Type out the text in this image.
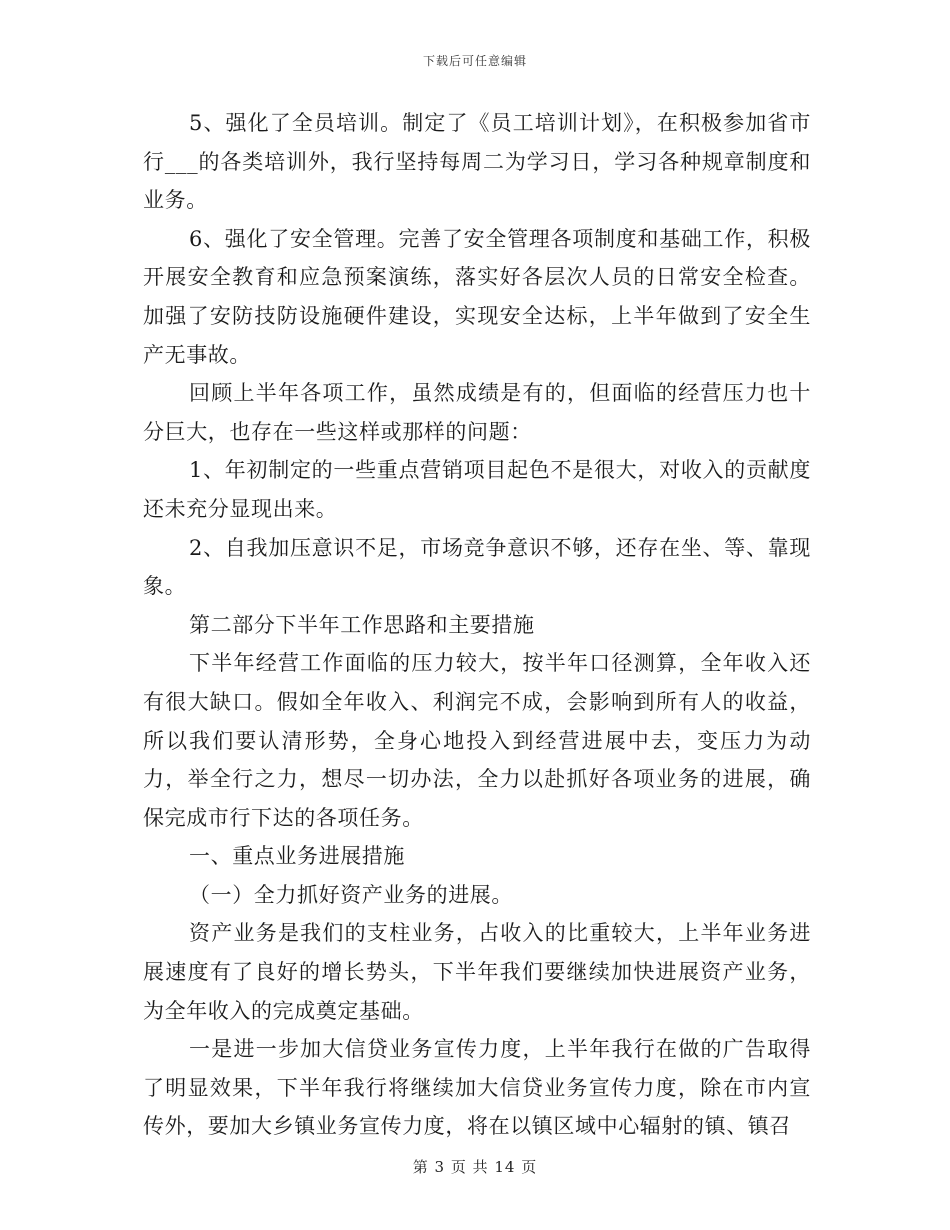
下载后可任意编辑

5、强化了全员培训。制定了《员工培训计划》，在积极参加省市行___的各类培训外，我行坚持每周二为学习日，学习各种规章制度和业务。

6、强化了安全管理。完善了安全管理各项制度和基础工作，积极开展安全教育和应急预案演练，落实好各层次人员的日常安全检查。加强了安防技防设施硬件建设，实现安全达标，上半年做到了安全生产无事故。

回顾上半年各项工作，虽然成绩是有的，但面临的经营压力也十分巨大，也存在一些这样或那样的问题：

1、年初制定的一些重点营销项目起色不是很大，对收入的贡献度还未充分显现出来。

2、自我加压意识不足，市场竞争意识不够，还存在坐、等、靠现象。

第二部分下半年工作思路和主要措施

下半年经营工作面临的压力较大，按半年口径测算，全年收入还有很大缺口。假如全年收入、利润完不成，会影响到所有人的收益，所以我们要认清形势，全身心地投入到经营进展中去，变压力为动力，举全行之力，想尽一切办法，全力以赴抓好各项业务的进展，确保完成市行下达的各项任务。

一、重点业务进展措施

（一）全力抓好资产业务的进展。

资产业务是我们的支柱业务，占收入的比重较大，上半年业务进展速度有了良好的增长势头，下半年我们要继续加快进展资产业务，为全年收入的完成奠定基础。

一是进一步加大信贷业务宣传力度，上半年我行在做的广告取得了明显效果，下半年我行将继续加大信贷业务宣传力度，除在市内宣传外，要加大乡镇业务宣传力度，将在以镇区域中心辐射的镇、镇召

第 3 页 共 14 页
